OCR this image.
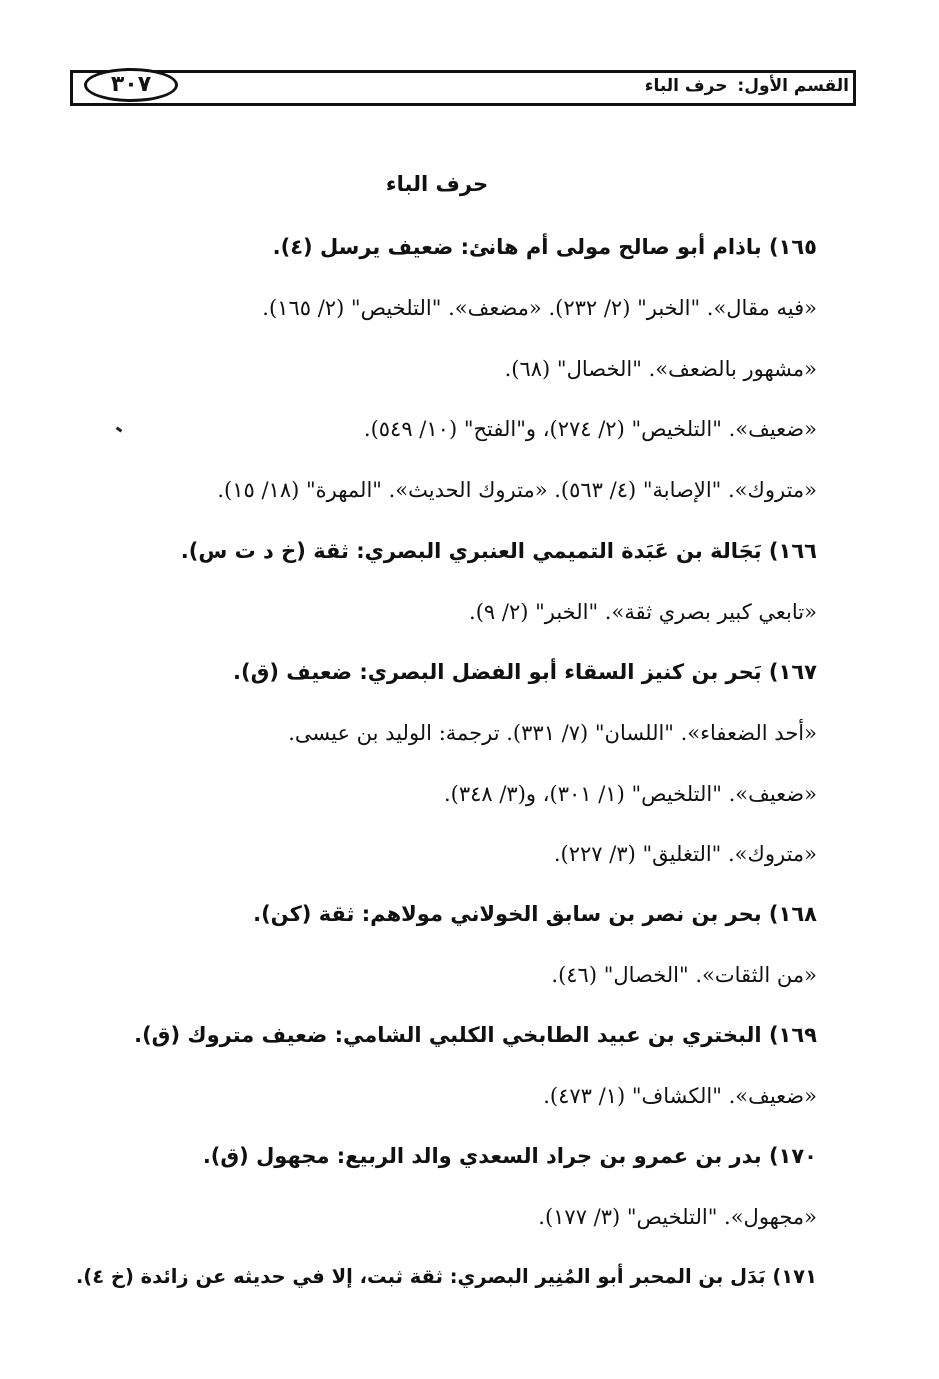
٣٠٧	القسم الأول: حرف الباء
حرف الباء
١٦٥) باذام أبو صالح مولى أم هانئ: ضعيف يرسل (٤).
«فيه مقال». "الخبر" (٢/ ٢٣٢). «مضعف». "التلخيص" (٢/ ١٦٥).
«مشهور بالضعف». "الخصال" (٦٨).
«ضعيف». "التلخيص" (٢/ ٢٧٤)، و"الفتح" (١٠/ ٥٤٩).
«متروك». "الإصابة" (٤/ ٥٦٣). «متروك الحديث». "المهرة" (١٨/ ١٥).
١٦٦) بَجَالة بن عَبَدة التميمي العنبري البصري: ثقة (خ د ت س).
«تابعي كبير بصري ثقة». "الخبر" (٢/ ٩).
١٦٧) بَحر بن كنيز السقاء أبو الفضل البصري: ضعيف (ق).
«أحد الضعفاء». "اللسان" (٧/ ٣٣١). ترجمة: الوليد بن عيسى.
«ضعيف». "التلخيص" (١/ ٣٠١)، و(٣/ ٣٤٨).
«متروك». "التغليق" (٣/ ٢٢٧).
١٦٨) بحر بن نصر بن سابق الخولاني مولاهم: ثقة (كن).
«من الثقات». "الخصال" (٤٦).
١٦٩) البختري بن عبيد الطابخي الكلبي الشامي: ضعيف متروك (ق).
«ضعيف». "الكشاف" (١/ ٤٧٣).
١٧٠) بدر بن عمرو بن جراد السعدي والد الربيع: مجهول (ق).
«مجهول». "التلخيص" (٣/ ١٧٧).
١٧١) بَدَل بن المحبر أبو المُنِير البصري: ثقة ثبت، إلا في حديثه عن زائدة (خ ٤).
